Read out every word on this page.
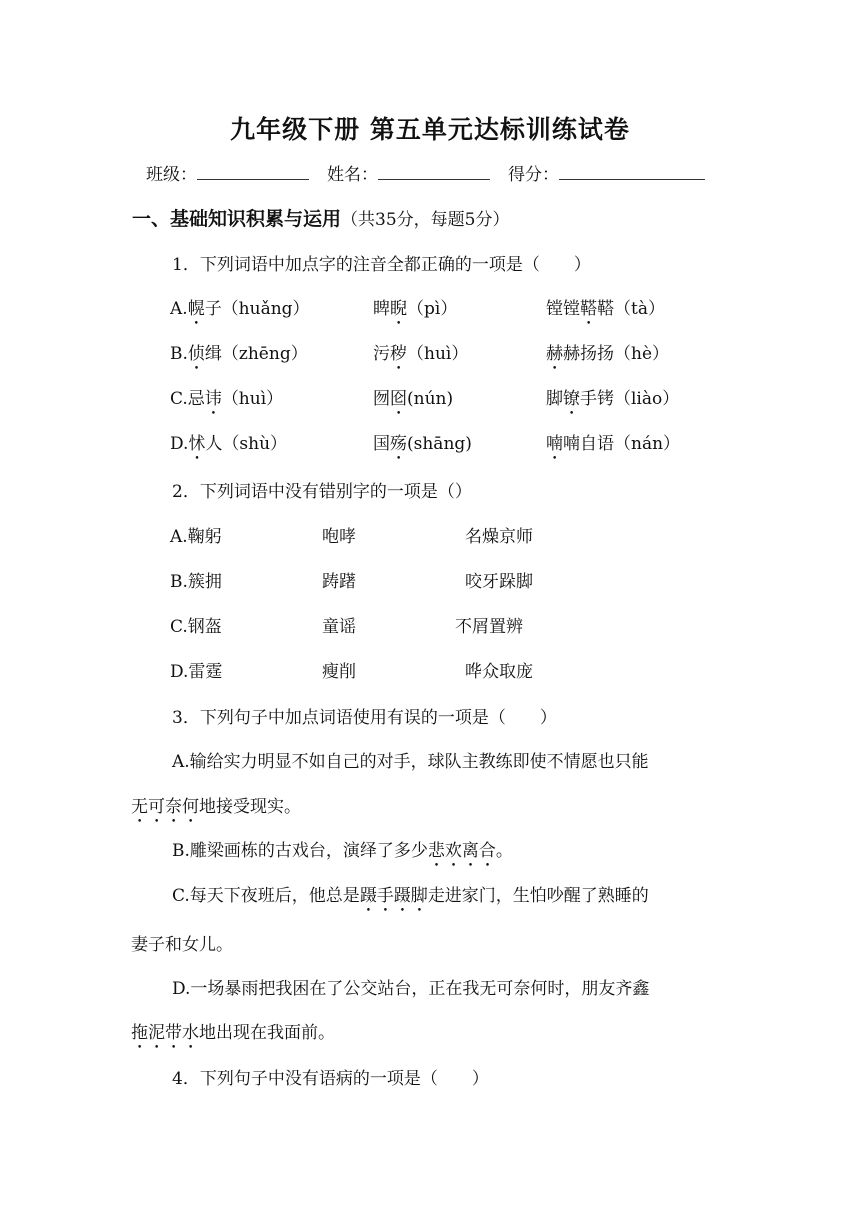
九年级下册 第五单元达标训练试卷
班级：	姓名：	得分：
一、基础知识积累与运用（共35分，每题5分）
1．下列词语中加点字的注音全都正确的一项是（　　）
A.幌子（huǎng）	睥睨（pì）	镗镗鞳鞳（tà）
B.侦缉（zhēng）	污秽（huì）	赫赫扬扬（hè）
C.忌讳（huì）	囫囵(nún)	脚镣手铐（liào）
D.怵人（shù）	国殇(shāng)	喃喃自语（nán）
2．下列词语中没有错别字的一项是（）
A.鞠躬	咆哮	名燥京师
B.簇拥	踌躇	咬牙跺脚
C.钢盔	童谣	不屑置辨
D.雷霆	瘦削	哗众取庞
3．下列句子中加点词语使用有误的一项是（　　）
A.输给实力明显不如自己的对手，球队主教练即使不情愿也只能
无可奈何地接受现实。
B.雕梁画栋的古戏台，演绎了多少悲欢离合。
C.每天下夜班后，他总是蹑手蹑脚走进家门，生怕吵醒了熟睡的
妻子和女儿。
D.一场暴雨把我困在了公交站台，正在我无可奈何时，朋友齐鑫
拖泥带水地出现在我面前。
4．下列句子中没有语病的一项是（　　）
